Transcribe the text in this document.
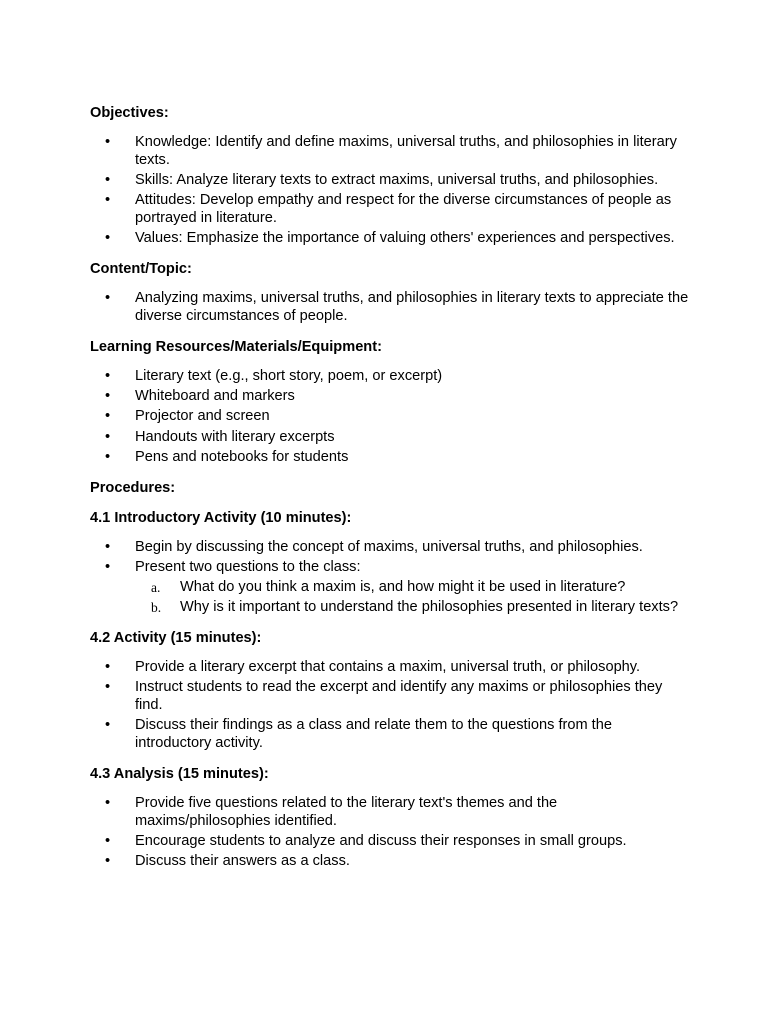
Objectives:
• Knowledge: Identify and define maxims, universal truths, and philosophies in literary texts.
• Skills: Analyze literary texts to extract maxims, universal truths, and philosophies.
• Attitudes: Develop empathy and respect for the diverse circumstances of people as portrayed in literature.
• Values: Emphasize the importance of valuing others' experiences and perspectives.
Content/Topic:
• Analyzing maxims, universal truths, and philosophies in literary texts to appreciate the diverse circumstances of people.
Learning Resources/Materials/Equipment:
• Literary text (e.g., short story, poem, or excerpt)
• Whiteboard and markers
• Projector and screen
• Handouts with literary excerpts
• Pens and notebooks for students
Procedures:
4.1 Introductory Activity (10 minutes):
• Begin by discussing the concept of maxims, universal truths, and philosophies.
• Present two questions to the class:
a. What do you think a maxim is, and how might it be used in literature?
b. Why is it important to understand the philosophies presented in literary texts?
4.2 Activity (15 minutes):
• Provide a literary excerpt that contains a maxim, universal truth, or philosophy.
• Instruct students to read the excerpt and identify any maxims or philosophies they find.
• Discuss their findings as a class and relate them to the questions from the introductory activity.
4.3 Analysis (15 minutes):
• Provide five questions related to the literary text's themes and the maxims/philosophies identified.
• Encourage students to analyze and discuss their responses in small groups.
• Discuss their answers as a class.
